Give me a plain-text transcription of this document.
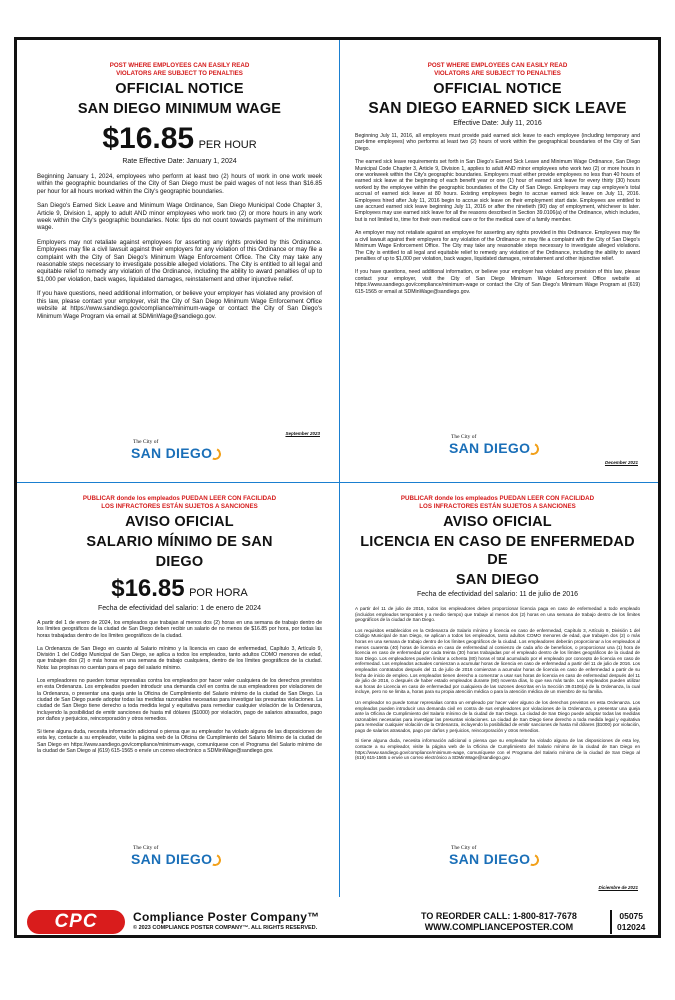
POST WHERE EMPLOYEES CAN EASILY READ
VIOLATORS ARE SUBJECT TO PENALTIES
OFFICIAL NOTICE
SAN DIEGO MINIMUM WAGE
$16.85 PER HOUR
Rate Effective Date: January 1, 2024

Beginning January 1, 2024, employees who perform at least two (2) hours of work in one work week within the geographic boundaries of the City of San Diego must be paid wages of not less than $16.85 per hour for all hours worked within the City's geographic boundaries.

San Diego's Earned Sick Leave and Minimum Wage Ordinance, San Diego Municipal Code Chapter 3, Article 9, Division 1, apply to adult AND minor employees who work two (2) or more hours in any work week within the City's geographic boundaries. Note: tips do not count towards payment of the minimum wage.

Employers may not retaliate against employees for asserting any rights provided by this Ordinance. Employees may file a civil lawsuit against their employers for any violation of this Ordinance or may file a complaint with the City of San Diego's Minimum Wage Enforcement Office. The City may take any reasonable steps necessary to investigate possible alleged violations. The City is entitled to all legal and equitable relief to remedy any violation of the Ordinance, including the ability to award penalties of up to $1,000 per violation, back wages, liquidated damages, reinstatement and other injunctive relief.

If you have questions, need additional information, or believe your employer has violated any provision of this law, please contact your employer, visit the City of San Diego Minimum Wage Enforcement Office website at https://www.sandiego.gov/compliance/minimum-wage or contact the City of San Diego's Minimum Wage Program via email at SDMinWage@sandiego.gov.

September 2023
The City of
SAN DIEGO
POST WHERE EMPLOYEES CAN EASILY READ
VIOLATORS ARE SUBJECT TO PENALTIES
OFFICIAL NOTICE
SAN DIEGO EARNED SICK LEAVE
Effective Date: July 11, 2016

Beginning July 11, 2016, all employers must provide paid earned sick leave to each employee (including temporary and part-time employees) who performs at least two (2) hours of work within the geographical boundaries of the City of San Diego.

The earned sick leave requirements set forth in San Diego's Earned Sick Leave and Minimum Wage Ordinance, San Diego Municipal Code Chapter 3, Article 9, Division 1, applies to adult AND minor employees who work two (2) or more hours in one workweek within the City's geographic boundaries. Employers must either provide employees no less than 40 hours of earned sick leave at the beginning of each benefit year or one (1) hour of earned sick leave for every thirty (30) hours worked by the employee within the geographic boundaries of the City of San Diego. Employers may cap employee's total accrual of earned sick leave at 80 hours. Existing employees begin to accrue earned sick leave on July 11, 2016. Employees hired after July 11, 2016 begin to accrue sick leave on their employment start date. Employees are entitled to use accrued earned sick leave beginning July 11, 2016 or after the ninetieth (90) day of employment, whichever is later. Employees may use earned sick leave for all the reasons described in Section 39.0106(a) of the Ordinance, which includes, but is not limited to, time for their own medical care or for the medical care of a family member.

An employer may not retaliate against an employee for asserting any rights provided in this Ordinance. Employees may file a civil lawsuit against their employers for any violation of the Ordinance or may file a complaint with the City of San Diego's Minimum Wage Enforcement Office. The City may take any reasonable steps necessary to investigate alleged violations. The City is entitled to all legal and equitable relief to remedy any violation of the Ordinance, including the ability to award penalties of up to $1,000 per violation, back wages, liquidated damages, reinstatement and other injunctive relief.

If you have questions, need additional information, or believe your employer has violated any provision of this law, please contact your employer, visit the City of San Diego Minimum Wage Enforcement Office website at https://www.sandiego.gov/compliance/minimum-wage or contact the City of San Diego's Minimum Wage Program at (619) 615-1565 or email at SDMinWage@sandiego.gov.

December 2021
The City of
SAN DIEGO
PUBLICAR donde los empleados PUEDAN LEER CON FACILIDAD
LOS INFRACTORES ESTÁN SUJETOS A SANCIONES
AVISO OFICIAL
SALARIO MÍNIMO DE SAN
DIEGO
$16.85 POR HORA
Fecha de efectividad del salario: 1 de enero de 2024

A partir del 1 de enero de 2024, los empleados que trabajan al menos dos (2) horas en una semana de trabajo dentro de los límites geográficos de la ciudad de San Diego deben recibir un salario de no menos de $16.85 por hora, por todas las horas trabajadas dentro de los límites geográficos de la ciudad.

La Ordenanza de San Diego en cuanto al Salario mínimo y la licencia en caso de enfermedad, Capítulo 3, Artículo 9, División 1 del Código Municipal de San Diego, se aplica a todos los empleados, tanto adultos COMO menores de edad, que trabajen dos (2) o más horas en una semana de trabajo cualquiera, dentro de los límites geográficos de la ciudad. Nota: las propinas no cuentan para el pago del salario mínimo.

Los empleadores no pueden tomar represalias contra los empleados por hacer valer cualquiera de los derechos previstos en esta Ordenanza. Los empleados pueden introducir una demanda civil en contra de sus empleadores por violaciones de la Ordenanza, o presentar una queja ante la Oficina de Cumplimiento del Salario mínimo de la ciudad de San Diego. La ciudad de San Diego puede adoptar todas las medidas razonables necesarias para investigar las presuntas violaciones. La ciudad de San Diego tiene derecho a toda medida legal y equitativa para remediar cualquier violación de la Ordenanza, incluyendo la posibilidad de emitir sanciones de hasta mil dólares ($1000) por violación, pago de salarios atrasados, pago por daños y perjuicios, reincorporación y otros remedios.

Si tiene alguna duda, necesita información adicional o piensa que su empleador ha violado alguna de las disposiciones de esta ley, contacte a su empleador, visite la página web de la Oficina de Cumplimiento del Salario Mínimo de la ciudad de San Diego en https://www.sandiego.gov/compliance/minimum-wage, comuníquese con el Programa del Salario mínimo de la ciudad de San Diego al (619) 615-1565 o envíe un correo electrónico a SDMinWage@sandiego.gov.

The City of
SAN DIEGO
PUBLICAR donde los empleados PUEDAN LEER CON FACILIDAD
LOS INFRACTORES ESTÁN SUJETOS A SANCIONES
AVISO OFICIAL
LICENCIA EN CASO DE ENFERMEDAD DE
SAN DIEGO
Fecha de efectividad del salario: 11 de julio de 2016

A partir del 11 de julio de 2016, todos los empleadores deben proporcionar licencia paga en caso de enfermedad a todo empleado (incluidos empleados temporales y a medio tiempo) que trabaje al menos dos (2) horas en una semana de trabajo dentro de los límites geográficos de la ciudad de San Diego.

Los requisitos establecidos en la Ordenanza de Salario mínimo y licencia en caso de enfermedad, Capítulo 3, Artículo 9, División 1 del Código Municipal de San Diego, se aplican a todos los empleados, tanto adultos COMO menores de edad, que trabajen dos (2) o más horas en una semana de trabajo dentro de los límites geográficos de la ciudad. Los empleadores deberán proporcionar a los empleados al menos cuarenta (40) horas de licencia en caso de enfermedad al comienzo de cada año de beneficios, o proporcionar una (1) hora de licencia en caso de enfermedad por cada treinta (30) horas trabajadas por el empleado dentro de los límites geográficos de la ciudad de San Diego. Los empleadores pueden limitar a ochenta (80) horas el total acumulado por el empleado por concepto de licencia en caso de enfermedad. Los empleados actuales comienzan a acumular horas de licencia en caso de enfermedad a partir del 11 de julio de 2016. Los empleados contratados después del 11 de julio de 2016 comienzan a acumular horas de licencia en caso de enfermedad a partir de su fecha de inicio de empleo. Los empleados tienen derecho a comenzar a usar sus horas de licencia en caso de enfermedad después del 11 de julio de 2016, o después de haber estado empleados durante (90) noventa días, lo que sea más tarde. Los empleados pueden utilizar sus horas de Licencia en caso de enfermedad por cualquiera de las razones descritas en la Sección 39.0106(a) de la Ordenanza, la cual incluye, pero no se limita a, horas para su propia atención médica o para la atención médica de un miembro de su familia.

Un empleador no puede tomar represalias contra un empleado por hacer valer alguno de los derechos previstos en esta Ordenanza. Los empleados pueden introducir una demanda civil en contra de sus empleadores por violaciones de la Ordenanza, o presentar una queja ante la Oficina de Cumplimiento del Salario mínimo de la ciudad de San Diego. La ciudad de San Diego puede adoptar todas las medidas razonables necesarias para investigar las presuntas violaciones. La ciudad de San Diego tiene derecho a toda medida legal y equitativa para remediar cualquier violación de la Ordenanza, incluyendo la posibilidad de emitir sanciones de hasta mil dólares ($1000) por violación, pago de salarios atrasados, pago por daños y perjuicios, reincorporación y otros remedios.

Si tiene alguna duda, necesita información adicional o piensa que su empleador ha violado alguna de las disposiciones de esta ley, contacte a su empleador, visite la página web de la Oficina de Cumplimiento del Salario mínimo de la ciudad de San Diego en https://www.sandiego.gov/compliance/minimum-wage, comuníquese con el Programa del Salario mínimo de la ciudad de San Diego al (619) 615-1565 o envíe un correo electrónico a SDMinWage@sandiego.gov.

Diciembre de 2021
The City of
SAN DIEGO
CPC	Compliance Poster Company™
© 2023 COMPLIANCE POSTER COMPANY™. ALL RIGHTS RESERVED.
TO REORDER CALL: 1-800-817-7678
WWW.COMPLIANCEPOSTER.COM
05075
012024
